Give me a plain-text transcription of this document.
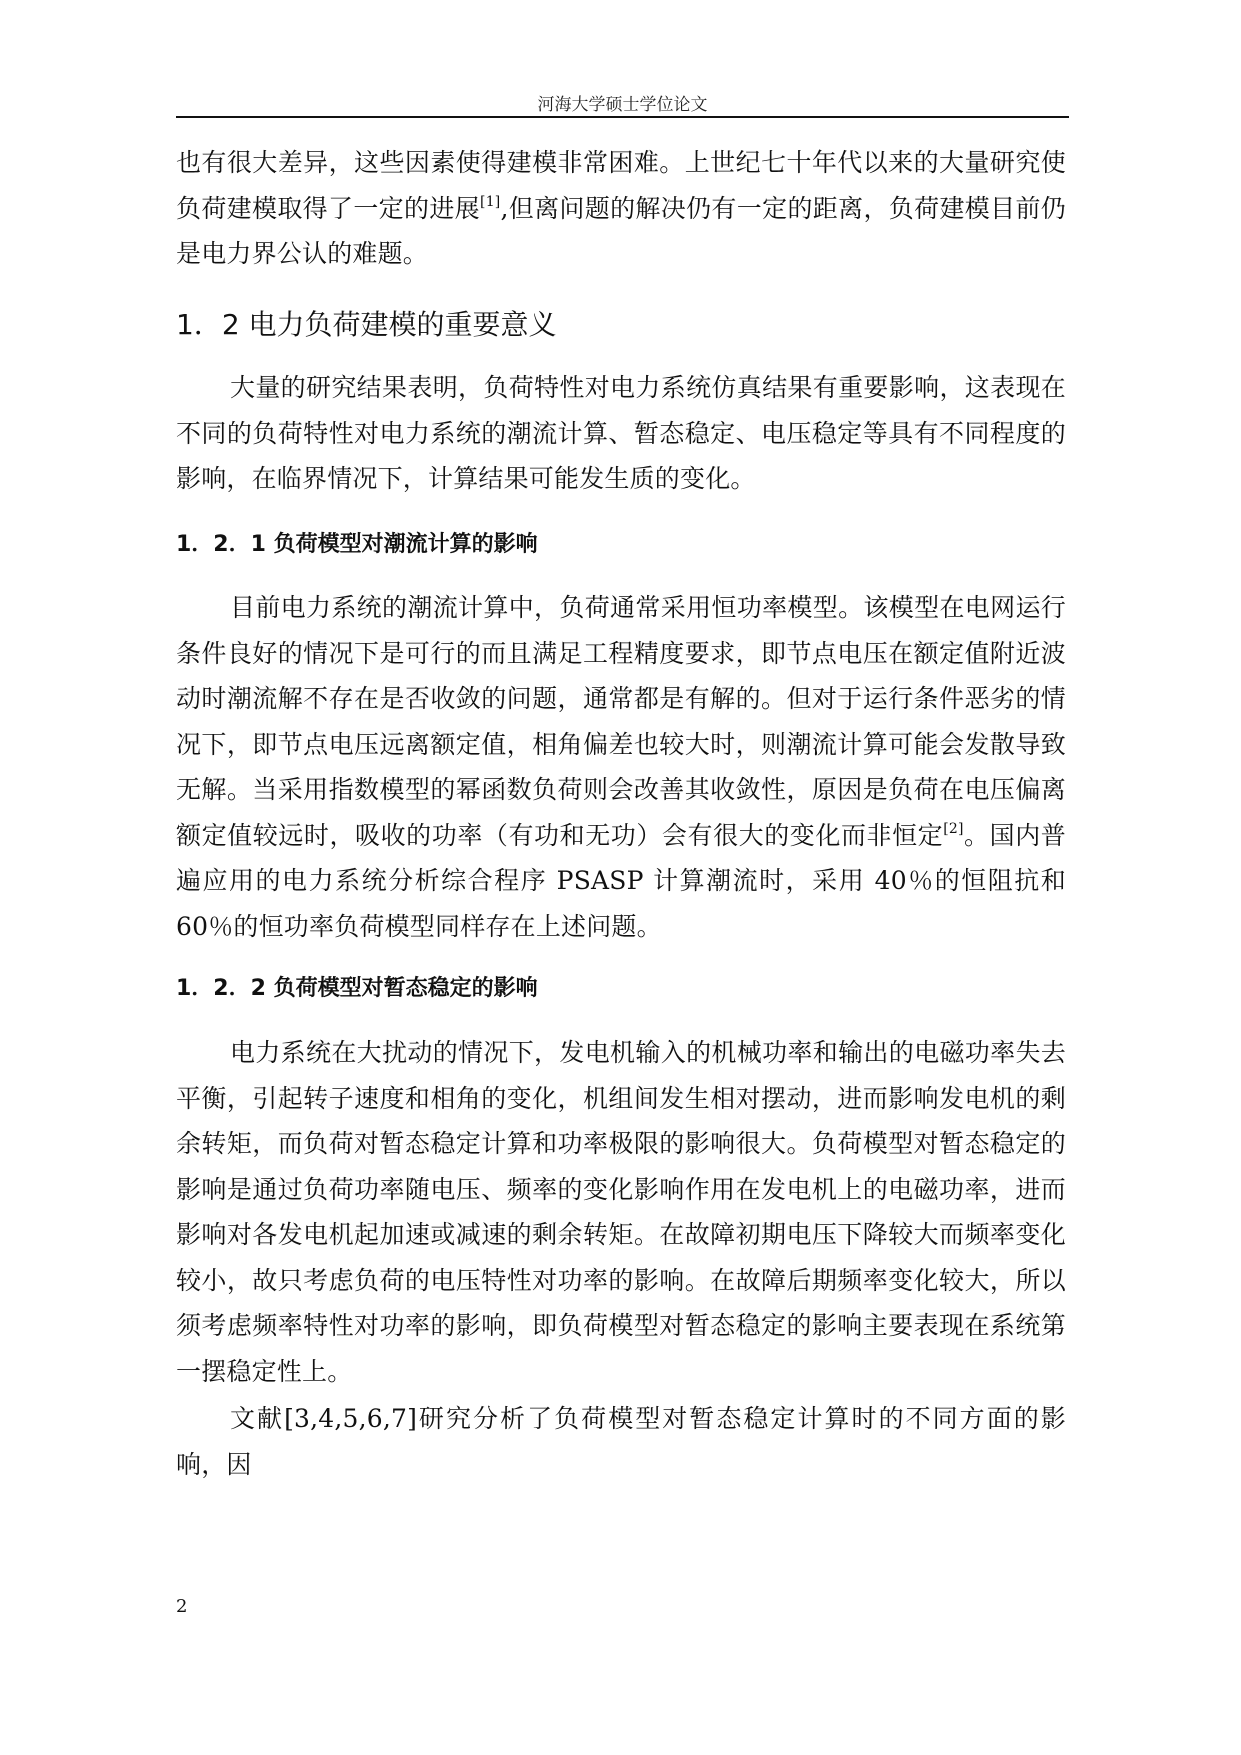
河海大学硕士学位论文

也有很大差异，这些因素使得建模非常困难。上世纪七十年代以来的大量研究使负荷建模取得了一定的进展[1],但离问题的解决仍有一定的距离，负荷建模目前仍是电力界公认的难题。

1．2 电力负荷建模的重要意义

大量的研究结果表明，负荷特性对电力系统仿真结果有重要影响，这表现在不同的负荷特性对电力系统的潮流计算、暂态稳定、电压稳定等具有不同程度的影响，在临界情况下，计算结果可能发生质的变化。

1．2．1 负荷模型对潮流计算的影响

目前电力系统的潮流计算中，负荷通常采用恒功率模型。该模型在电网运行条件良好的情况下是可行的而且满足工程精度要求，即节点电压在额定值附近波动时潮流解不存在是否收敛的问题，通常都是有解的。但对于运行条件恶劣的情况下，即节点电压远离额定值，相角偏差也较大时，则潮流计算可能会发散导致无解。当采用指数模型的幂函数负荷则会改善其收敛性，原因是负荷在电压偏离额定值较远时，吸收的功率（有功和无功）会有很大的变化而非恒定[2]。国内普遍应用的电力系统分析综合程序 PSASP 计算潮流时，采用 40％的恒阻抗和 60％的恒功率负荷模型同样存在上述问题。

1．2．2 负荷模型对暂态稳定的影响

电力系统在大扰动的情况下，发电机输入的机械功率和输出的电磁功率失去平衡，引起转子速度和相角的变化，机组间发生相对摆动，进而影响发电机的剩余转矩，而负荷对暂态稳定计算和功率极限的影响很大。负荷模型对暂态稳定的影响是通过负荷功率随电压、频率的变化影响作用在发电机上的电磁功率，进而影响对各发电机起加速或减速的剩余转矩。在故障初期电压下降较大而频率变化较小，故只考虑负荷的电压特性对功率的影响。在故障后期频率变化较大，所以须考虑频率特性对功率的影响，即负荷模型对暂态稳定的影响主要表现在系统第一摆稳定性上。

文献[3,4,5,6,7]研究分析了负荷模型对暂态稳定计算时的不同方面的影响，因

2
